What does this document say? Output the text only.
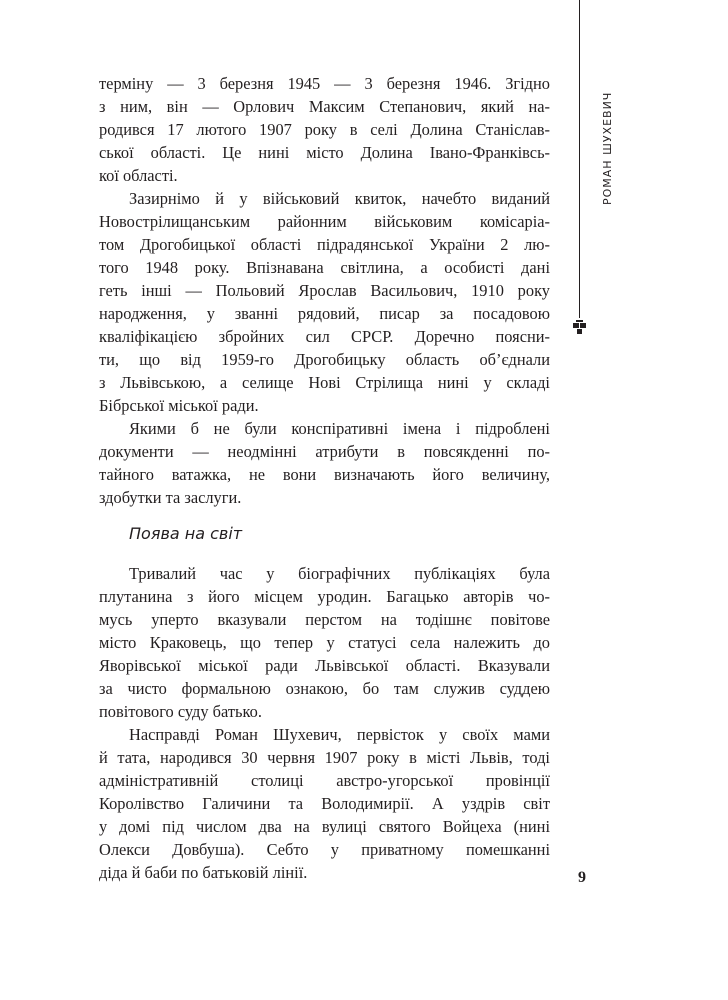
РОМАН ШУХЕВИЧ
терміну — 3 березня 1945 — 3 березня 1946. Згідно
з ним, він — Орлович Максим Степанович, який на-
родився 17 лютого 1907 року в селі Долина Станіслав-
ської області. Це нині місто Долина Івано-Франківсь-
кої області.
Зазирнімо й у військовий квиток, начебто виданий
Новострілищанським районним військовим комісаріа-
том Дрогобицької області підрадянської України 2 лю-
того 1948 року. Впізнавана світлина, а особисті дані
геть інші — Польовий Ярослав Васильович, 1910 року
народження, у званні рядовий, писар за посадовою
кваліфікацією збройних сил СРСР. Доречно поясни-
ти, що від 1959-го Дрогобицьку область об’єднали
з Львівською, а селище Нові Стрілища нині у складі
Бібрської міської ради.
Якими б не були конспіративні імена і підроблені
документи — неодмінні атрибути в повсякденні по-
тайного ватажка, не вони визначають його величину,
здобутки та заслуги.
Поява на світ
Тривалий час у біографічних публікаціях була
плутанина з його місцем уродин. Багацько авторів чо-
мусь уперто вказували перстом на тодішнє повітове
місто Краковець, що тепер у статусі села належить до
Яворівської міської ради Львівської області. Вказували
за чисто формальною ознакою, бо там служив суддею
повітового суду батько.
Насправді Роман Шухевич, первісток у своїх мами
й тата, народився 30 червня 1907 року в місті Львів, тоді
адміністративній столиці австро-угорської провінції
Королівство Галичини та Володимирії. А уздрів світ
у домі під числом два на вулиці святого Войцеха (нині
Олекси Довбуша). Себто у приватному помешканні
діда й баби по батьковій лінії.	9
